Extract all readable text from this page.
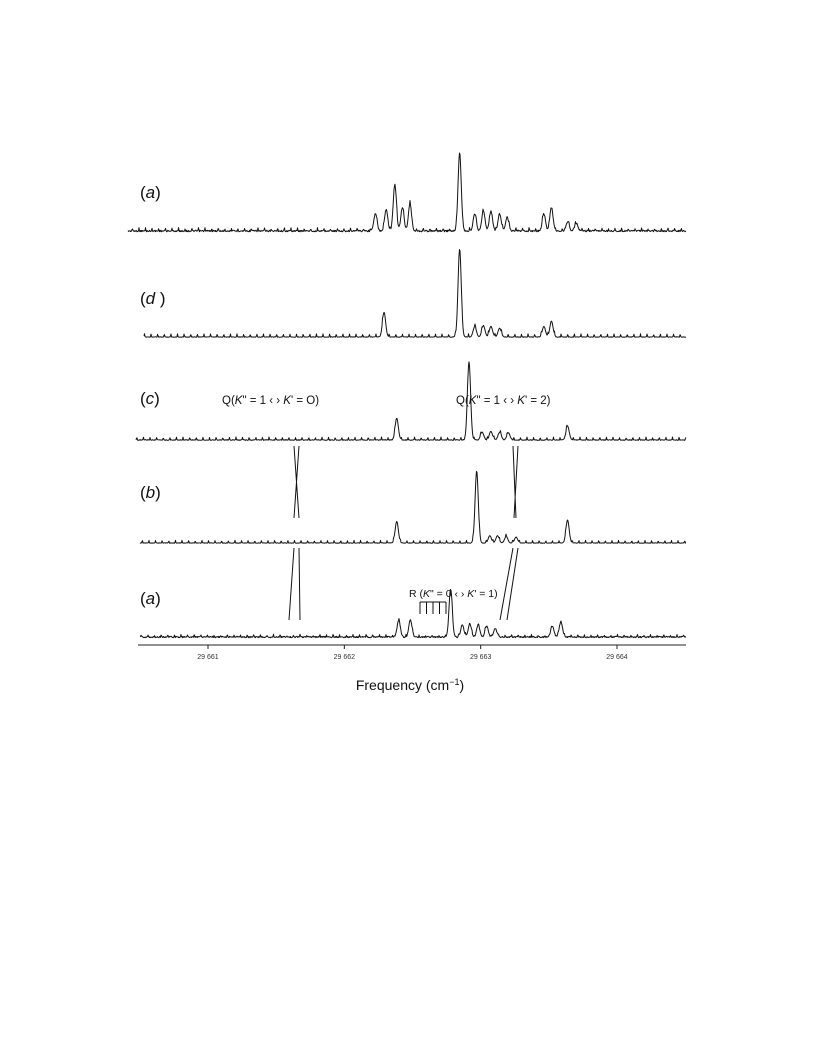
(a)
(d )
(c)
(b)
(a)
Q(K" = 1 ‹ › K' = O)	Q(K" = 1 ‹ › K' = 2)
R (K" = 0 ‹ › K' = 1)
29 661	29 662	29 663	29 664
Frequency $(cm^{-1})$
